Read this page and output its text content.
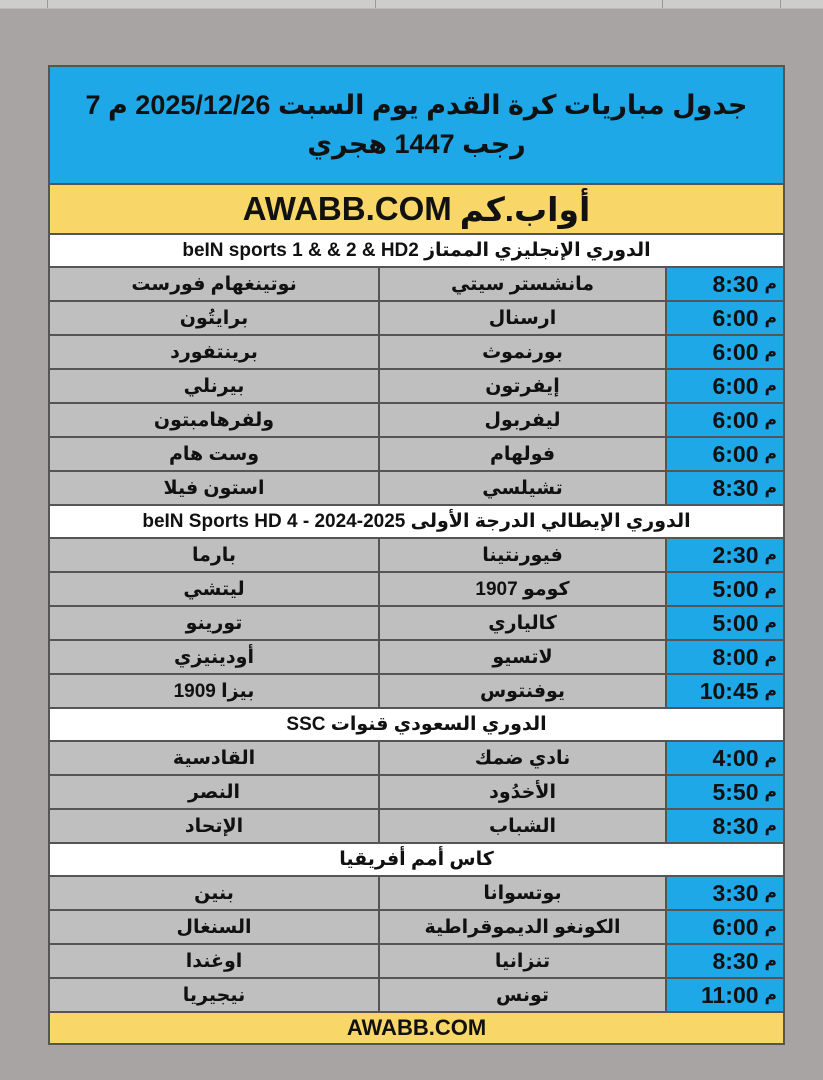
جدول مباريات كرة القدم يوم السبت 2025/12/26 م 7 رجب 1447 هجري
أواب.كم
AWABB.COM
الدوري الإنجليزي الممتاز beIN sports 1 & & 2 & HD2
م
8:30
مانشستر سيتي
نوتينغهام فورست
م
6:00
ارسنال
برايتُون
م
6:00
بورنموث
برينتفورد
م
6:00
إيفرتون
بيرنلي
م
6:00
ليفربول
ولفرهامبتون
م
6:00
فولهام
وست هام
م
8:30
تشيلسي
استون فيلا
الدوري الإيطالي الدرجة الأولى 2025-2024 - beIN Sports HD 4
م
2:30
فيورنتينا
بارما
م
5:00
كومو 1907
ليتشي
م
5:00
كالياري
تورينو
م
8:00
لاتسيو
أودينيزي
م
10:45
يوفنتوس
بيزا 1909
الدوري السعودي قنوات SSC
م
4:00
نادي ضمك
القادسية
م
5:50
الأخدُود
النصر
م
8:30
الشباب
الإتحاد
كاس أمم أفريقيا
م
3:30
بوتسوانا
بنين
م
6:00
الكونغو الديموقراطية
السنغال
م
8:30
تنزانيا
اوغندا
م
11:00
تونس
نيجيريا
AWABB.COM
